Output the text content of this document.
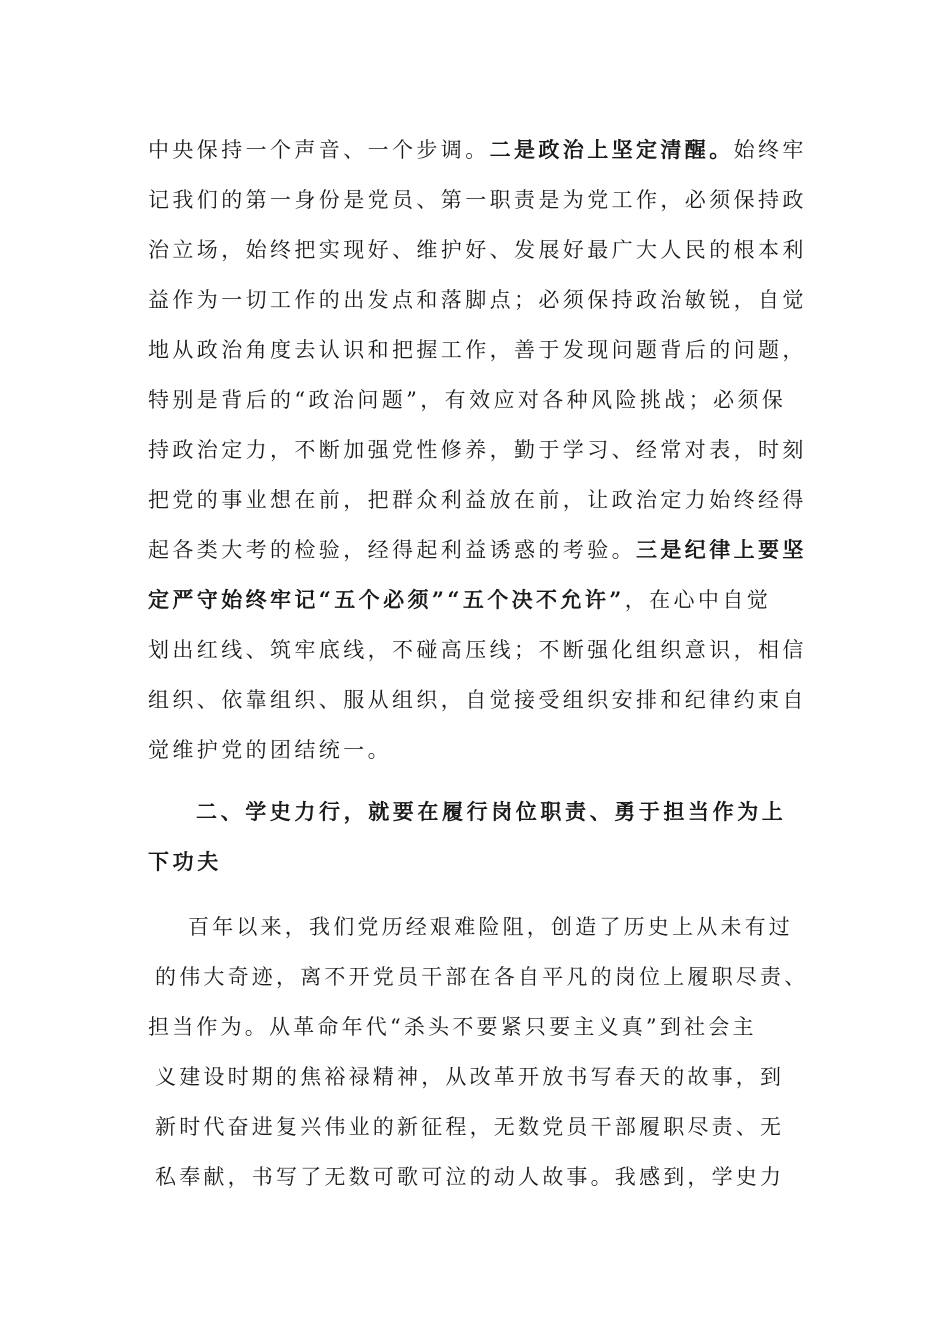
中央保持一个声音、一个步调。二是政治上坚定清醒。始终牢
记我们的第一身份是党员、第一职责是为党工作，必须保持政
治立场，始终把实现好、维护好、发展好最广大人民的根本利
益作为一切工作的出发点和落脚点；必须保持政治敏锐，自觉
地从政治角度去认识和把握工作，善于发现问题背后的问题，
特别是背后的“政治问题”，有效应对各种风险挑战；必须保
持政治定力，不断加强党性修养，勤于学习、经常对表，时刻
把党的事业想在前，把群众利益放在前，让政治定力始终经得
起各类大考的检验，经得起利益诱惑的考验。三是纪律上要坚
定严守始终牢记“五个必须”“五个决不允许”，在心中自觉
划出红线、筑牢底线，不碰高压线；不断强化组织意识，相信
组织、依靠组织、服从组织，自觉接受组织安排和纪律约束自
觉维护党的团结统一。
二、学史力行，就要在履行岗位职责、勇于担当作为上
下功夫
百年以来，我们党历经艰难险阻，创造了历史上从未有过
的伟大奇迹，离不开党员干部在各自平凡的岗位上履职尽责、
担当作为。从革命年代“杀头不要紧只要主义真”到社会主
义建设时期的焦裕禄精神，从改革开放书写春天的故事，到
新时代奋进复兴伟业的新征程，无数党员干部履职尽责、无
私奉献，书写了无数可歌可泣的动人故事。我感到，学史力
